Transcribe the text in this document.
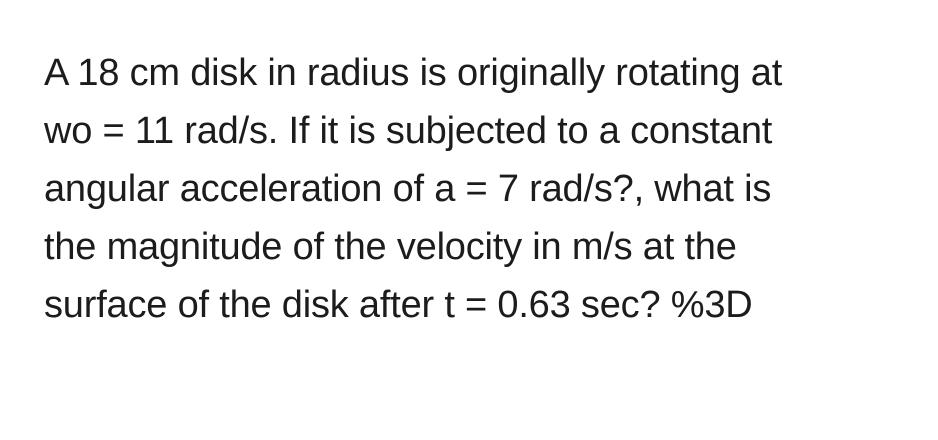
A 18 cm disk in radius is originally rotating at
wo = 11 rad/s. If it is subjected to a constant
angular acceleration of a = 7 rad/s?, what is
the magnitude of the velocity in m/s at the
surface of the disk after t = 0.63 sec? %3D
